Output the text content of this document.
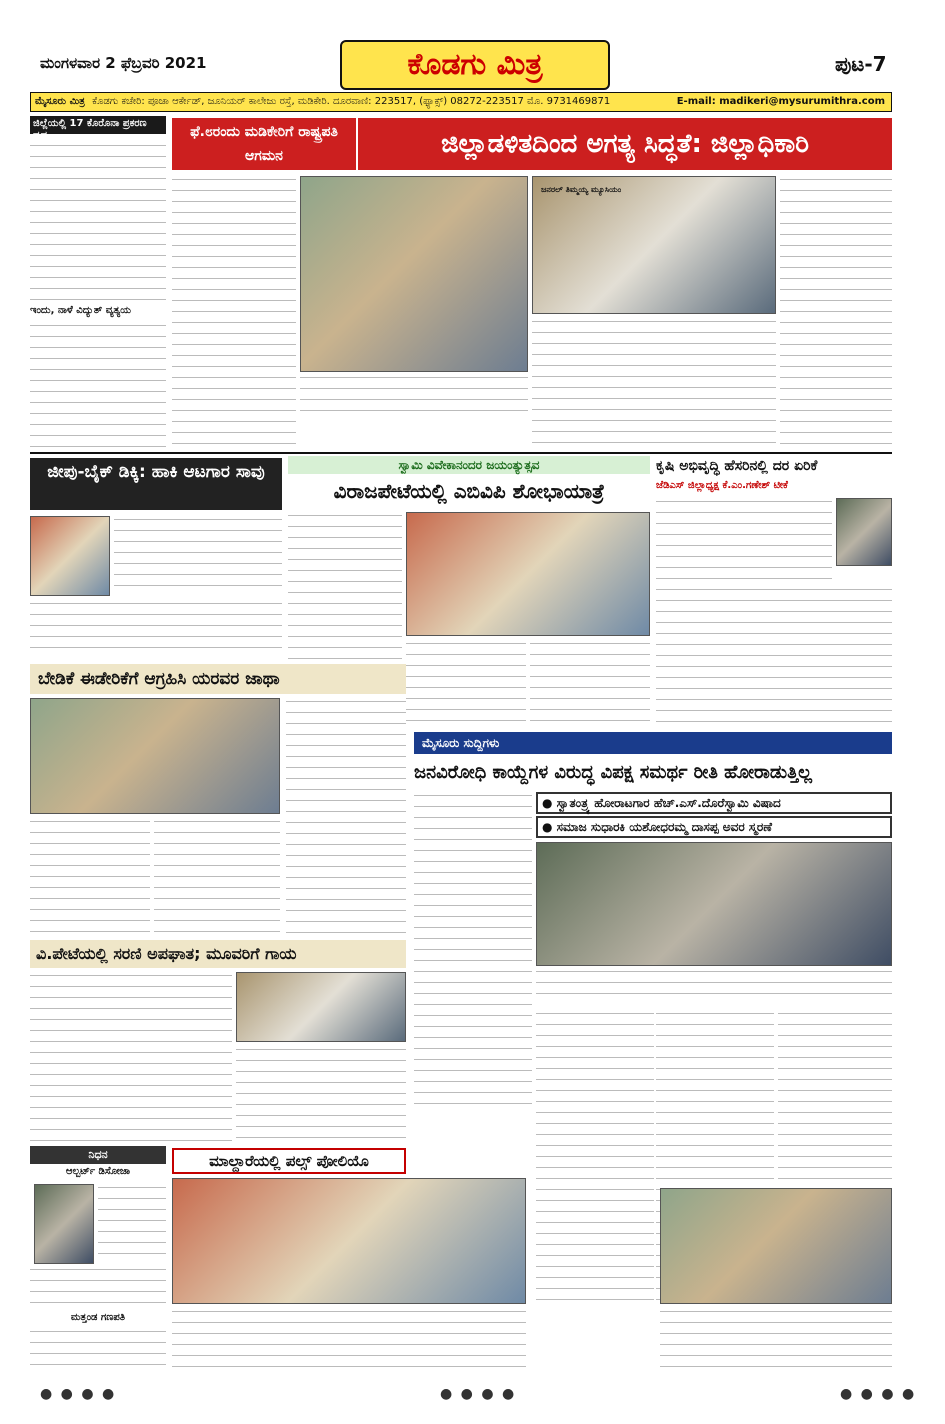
ಮಂಗಳವಾರ 2 ಫೆಬ್ರವರಿ 2021	ಕೊಡಗು ಮಿತ್ರ	ಪುಟ-7
ಮೈಸೂರು ಮಿತ್ರ ಕೊಡಗು ಕಚೇರಿ: ಪೂಜಾ ಆರ್ಕೇಡ್, ಜೂನಿಯರ್ ಕಾಲೇಜು ರಸ್ತೆ, ಮಡಿಕೇರಿ. ದೂರವಾಣಿ: 223517, (ಫ್ಯಾಕ್ಸ್) 08272-223517 ಮೊ. 9731469871	E-mail: madikeri@mysurumithra.com
ಜಿಲ್ಲೆಯಲ್ಲಿ 17 ಕೊರೊನಾ ಪ್ರಕರಣ ದೃಢ
ಇಂದು, ನಾಳೆ ವಿದ್ಯುತ್ ವ್ಯತ್ಯಯ
ಫೆ.೮ರಂದು ಮಡಿಕೇರಿಗೆ ರಾಷ್ಟ್ರಪತಿ ಆಗಮನ	ಜಿಲ್ಲಾಡಳಿತದಿಂದ ಅಗತ್ಯ ಸಿದ್ಧತೆ: ಜಿಲ್ಲಾಧಿಕಾರಿ
ಜನರಲ್ ತಿಮ್ಮಯ್ಯ ಮ್ಯೂಸಿಯಂ
ಜೀಪು-ಬೈಕ್ ಡಿಕ್ಕಿ: ಹಾಕಿ ಆಟಗಾರ ಸಾವು	ಸ್ವಾಮಿ ವಿವೇಕಾನಂದರ ಜಯಂತ್ಯುತ್ಸವ
ವಿರಾಜಪೇಟೆಯಲ್ಲಿ ಎಬಿವಿಪಿ ಶೋಭಾಯಾತ್ರೆ
ಕೃಷಿ ಅಭಿವೃದ್ಧಿ ಹೆಸರಿನಲ್ಲಿ ದರ ಏರಿಕೆ
ಜೆಡಿಎಸ್ ಜಿಲ್ಲಾಧ್ಯಕ್ಷ ಕೆ.ಎಂ.ಗಣೇಶ್ ಟೀಕೆ
ಬೇಡಿಕೆ ಈಡೇರಿಕೆಗೆ ಆಗ್ರಹಿಸಿ ಯರವರ ಜಾಥಾ
ಮೈಸೂರು ಸುದ್ದಿಗಳು
ಜನವಿರೋಧಿ ಕಾಯ್ದೆಗಳ ವಿರುದ್ಧ ವಿಪಕ್ಷ ಸಮರ್ಥ ರೀತಿ ಹೋರಾಡುತ್ತಿಲ್ಲ
● ಸ್ವಾತಂತ್ರ್ಯ ಹೋರಾಟಗಾರ ಹೆಚ್.ಎಸ್.ದೊರೆಸ್ವಾಮಿ ವಿಷಾದ
● ಸಮಾಜ ಸುಧಾರಕಿ ಯಶೋಧರಮ್ಮ ದಾಸಪ್ಪ ಅವರ ಸ್ಮರಣೆ
ವಿ.ಪೇಟೆಯಲ್ಲಿ ಸರಣಿ ಅಪಘಾತ; ಮೂವರಿಗೆ ಗಾಯ
ನಿಧನ
ಆಲ್ಬರ್ಟ್ ಡಿಸೋಜಾ
ಮತ್ತಂಡ ಗಣಪತಿ
ಮಾಲ್ದಾರೆಯಲ್ಲಿ ಪಲ್ಸ್ ಪೋಲಿಯೊ
● ● ● ●	● ● ● ●	● ● ● ●
